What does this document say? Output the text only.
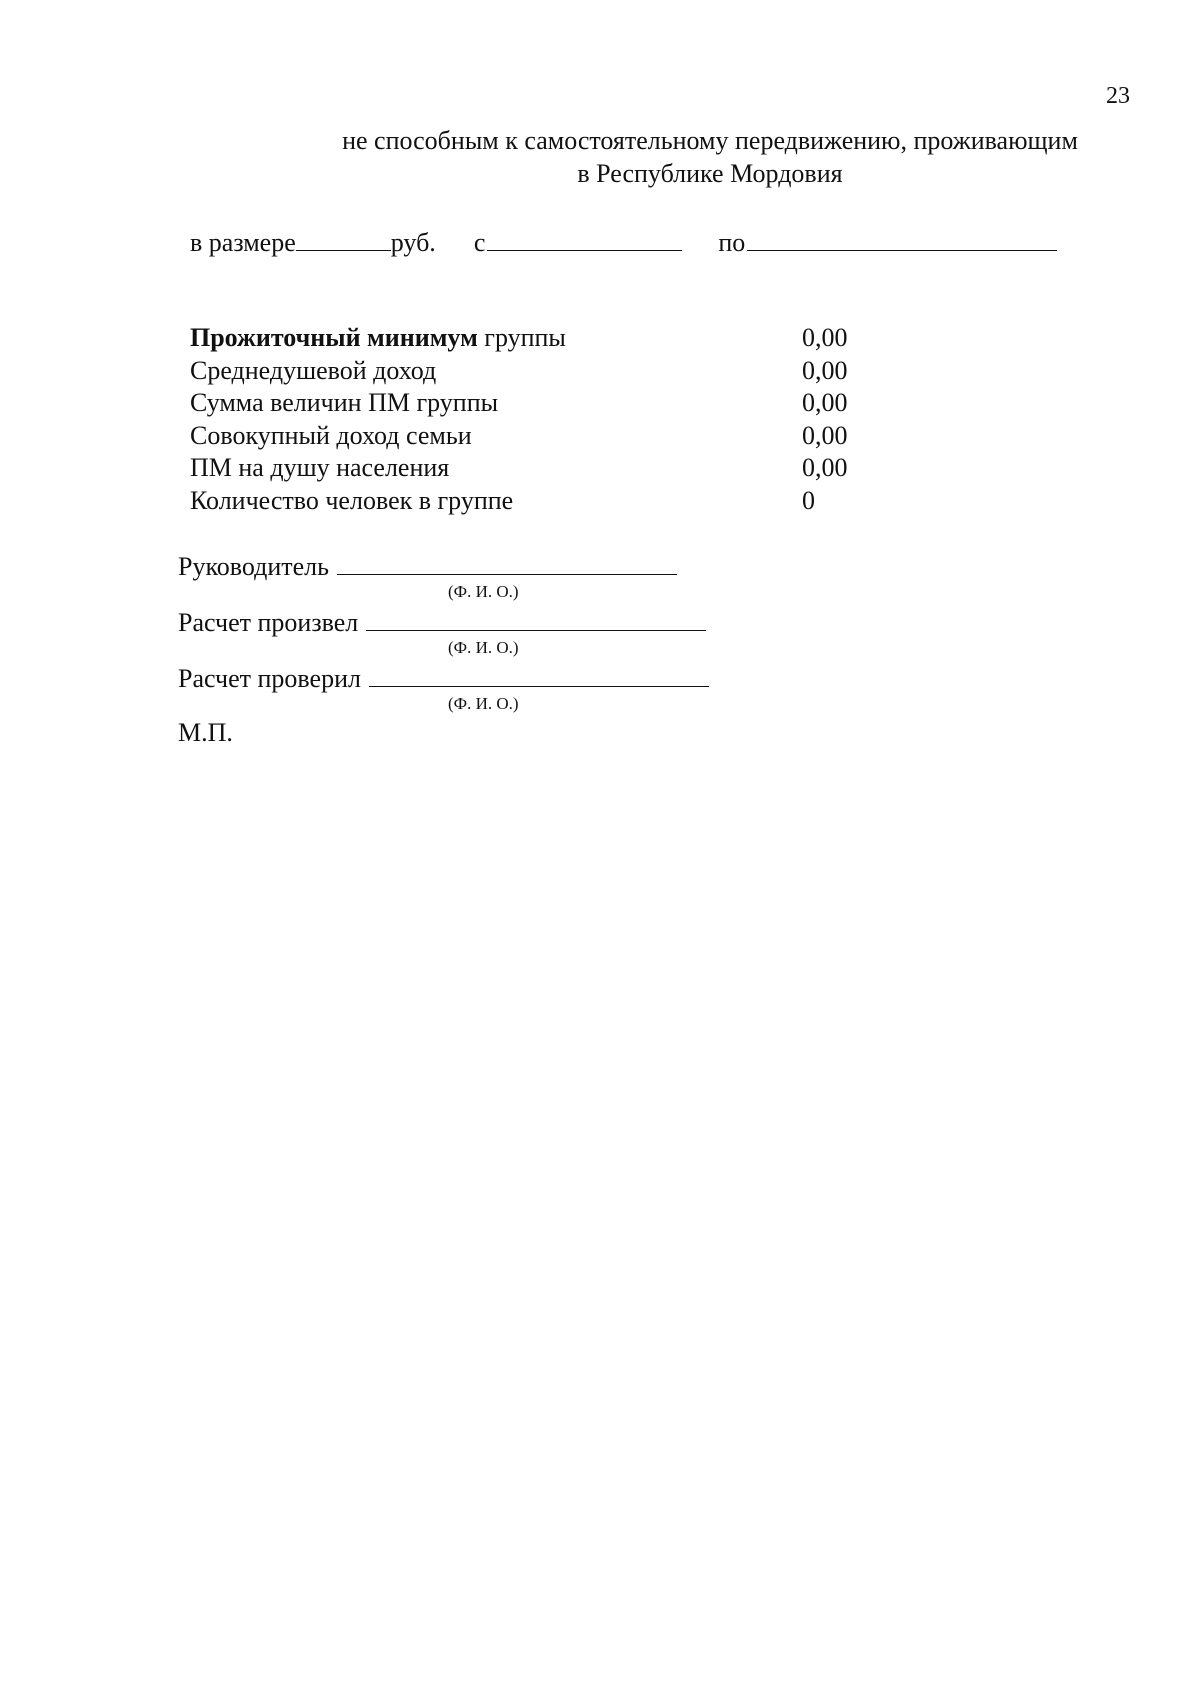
23
не способным к самостоятельному передвижению, проживающим
в Республике Мордовия
в размере	руб. с	по
Прожиточный минимум группы	0,00
Среднедушевой доход	0,00
Сумма величин ПМ группы	0,00
Совокупный доход семьи	0,00
ПМ на душу населения	0,00
Количество человек в группе	0
Руководитель
(Ф. И. О.)
Расчет произвел
(Ф. И. О.)
Расчет проверил
(Ф. И. О.)
М.П.
